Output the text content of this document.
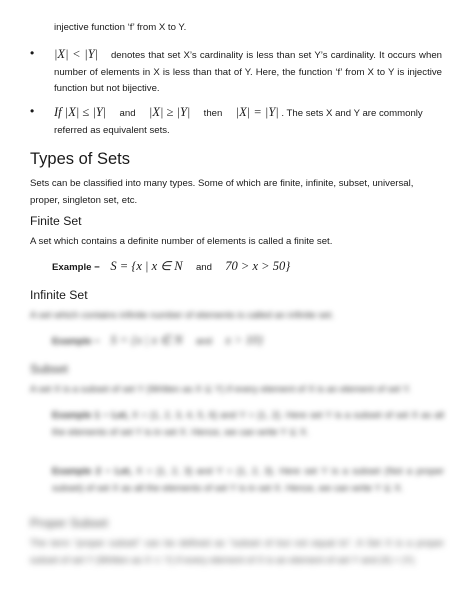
injective function ‘f’ from X to Y.

• |X| < |Y| denotes that set X’s cardinality is less than set Y’s cardinality. It occurs when number of elements in X is less than that of Y. Here, the function ‘f’ from X to Y is injective function but not bijective.

• If |X| ≤ |Y| and |X| ≥ |Y| then |X| = |Y| . The sets X and Y are commonly referred as equivalent sets.

Types of Sets

Sets can be classified into many types. Some of which are finite, infinite, subset, universal, proper, singleton set, etc.

Finite Set

A set which contains a definite number of elements is called a finite set.

Example − S = {x | x ∈ N and 70 > x > 50}

Infinite Set

A set which contains infinite number of elements is called an infinite set.

Example − S = {x | x ∈ N and x > 10}

Subset

A set X is a subset of set Y (Written as X ⊆ Y) if every element of X is an element of set Y.

Example 1 − Let, X = {1, 2, 3, 4, 5, 6} and Y = {1, 2}. Here set Y is a subset of set X as all the elements of set Y is in set X. Hence, we can write Y ⊆ X.

Example 2 − Let, X = {1, 2, 3} and Y = {1, 2, 3}. Here set Y is a subset (Not a proper subset) of set X as all the elements of set Y is in set X. Hence, we can write Y ⊆ X.

Proper Subset

The term “proper subset” can be defined as “subset of but not equal to”. A Set X is a proper subset of set Y (Written as X ⊂ Y) if every element of X is an element of set Y and |X| < |Y|.
